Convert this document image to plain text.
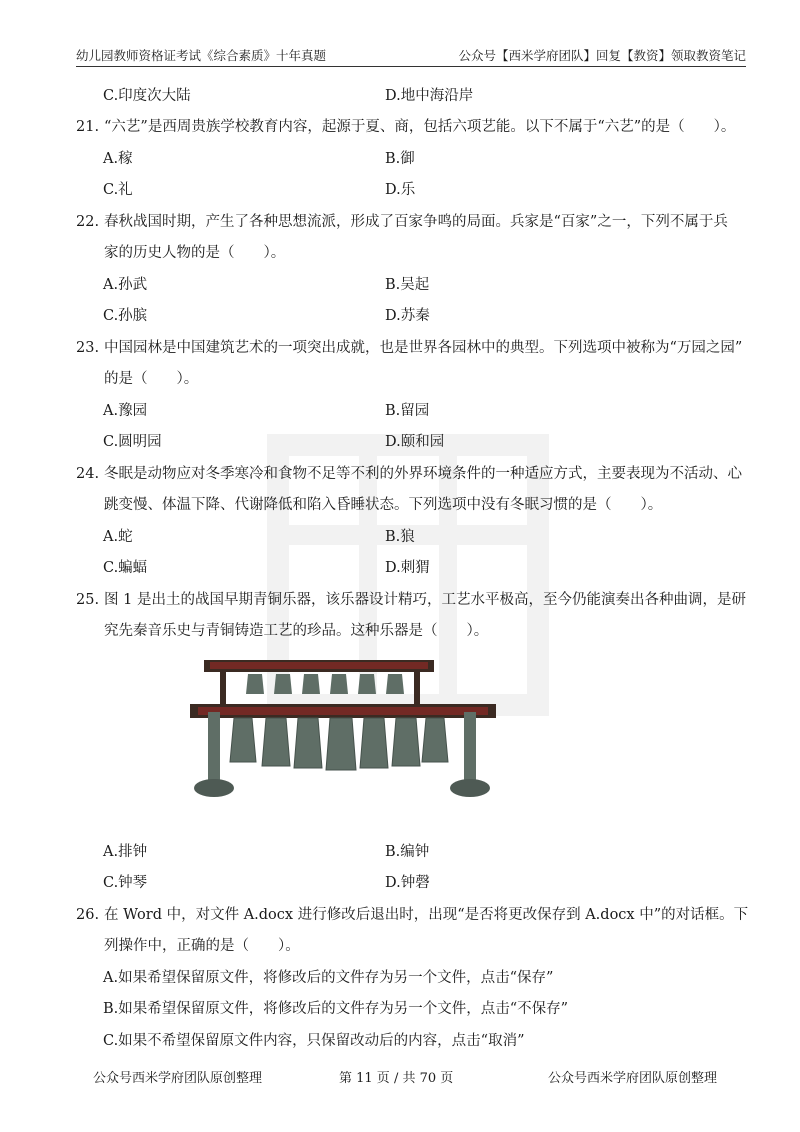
幼儿园教师资格证考试《综合素质》十年真题	公众号【西米学府团队】回复【教资】领取教资笔记
C.印度次大陆	D.地中海沿岸
21. “六艺”是西周贵族学校教育内容，起源于夏、商，包括六项艺能。以下不属于“六艺”的是（　　）。
A.稼	B.御
C.礼	D.乐
22. 春秋战国时期，产生了各种思想流派，形成了百家争鸣的局面。兵家是“百家”之一，下列不属于兵
家的历史人物的是（　　）。
A.孙武	B.吴起
C.孙膑	D.苏秦
23. 中国园林是中国建筑艺术的一项突出成就，也是世界各园林中的典型。下列选项中被称为“万园之园”
的是（　　）。
A.豫园	B.留园
C.圆明园	D.颐和园
24. 冬眠是动物应对冬季寒冷和食物不足等不利的外界环境条件的一种适应方式，主要表现为不活动、心
跳变慢、体温下降、代谢降低和陷入昏睡状态。下列选项中没有冬眠习惯的是（　　）。
A.蛇	B.狼
C.蝙蝠	D.刺猬
25. 图 1 是出土的战国早期青铜乐器，该乐器设计精巧，工艺水平极高，至今仍能演奏出各种曲调，是研
究先秦音乐史与青铜铸造工艺的珍品。这种乐器是（　　）。
A.排钟	B.编钟
C.钟琴	D.钟磬
26. 在 Word 中，对文件 A.docx 进行修改后退出时，出现“是否将更改保存到 A.docx 中”的对话框。下
列操作中，正确的是（　　）。
A.如果希望保留原文件，将修改后的文件存为另一个文件，点击“保存”
B.如果希望保留原文件，将修改后的文件存为另一个文件，点击“不保存”
C.如果不希望保留原文件内容，只保留改动后的内容，点击“取消”
公众号西米学府团队原创整理	第 11 页 / 共 70 页	公众号西米学府团队原创整理
